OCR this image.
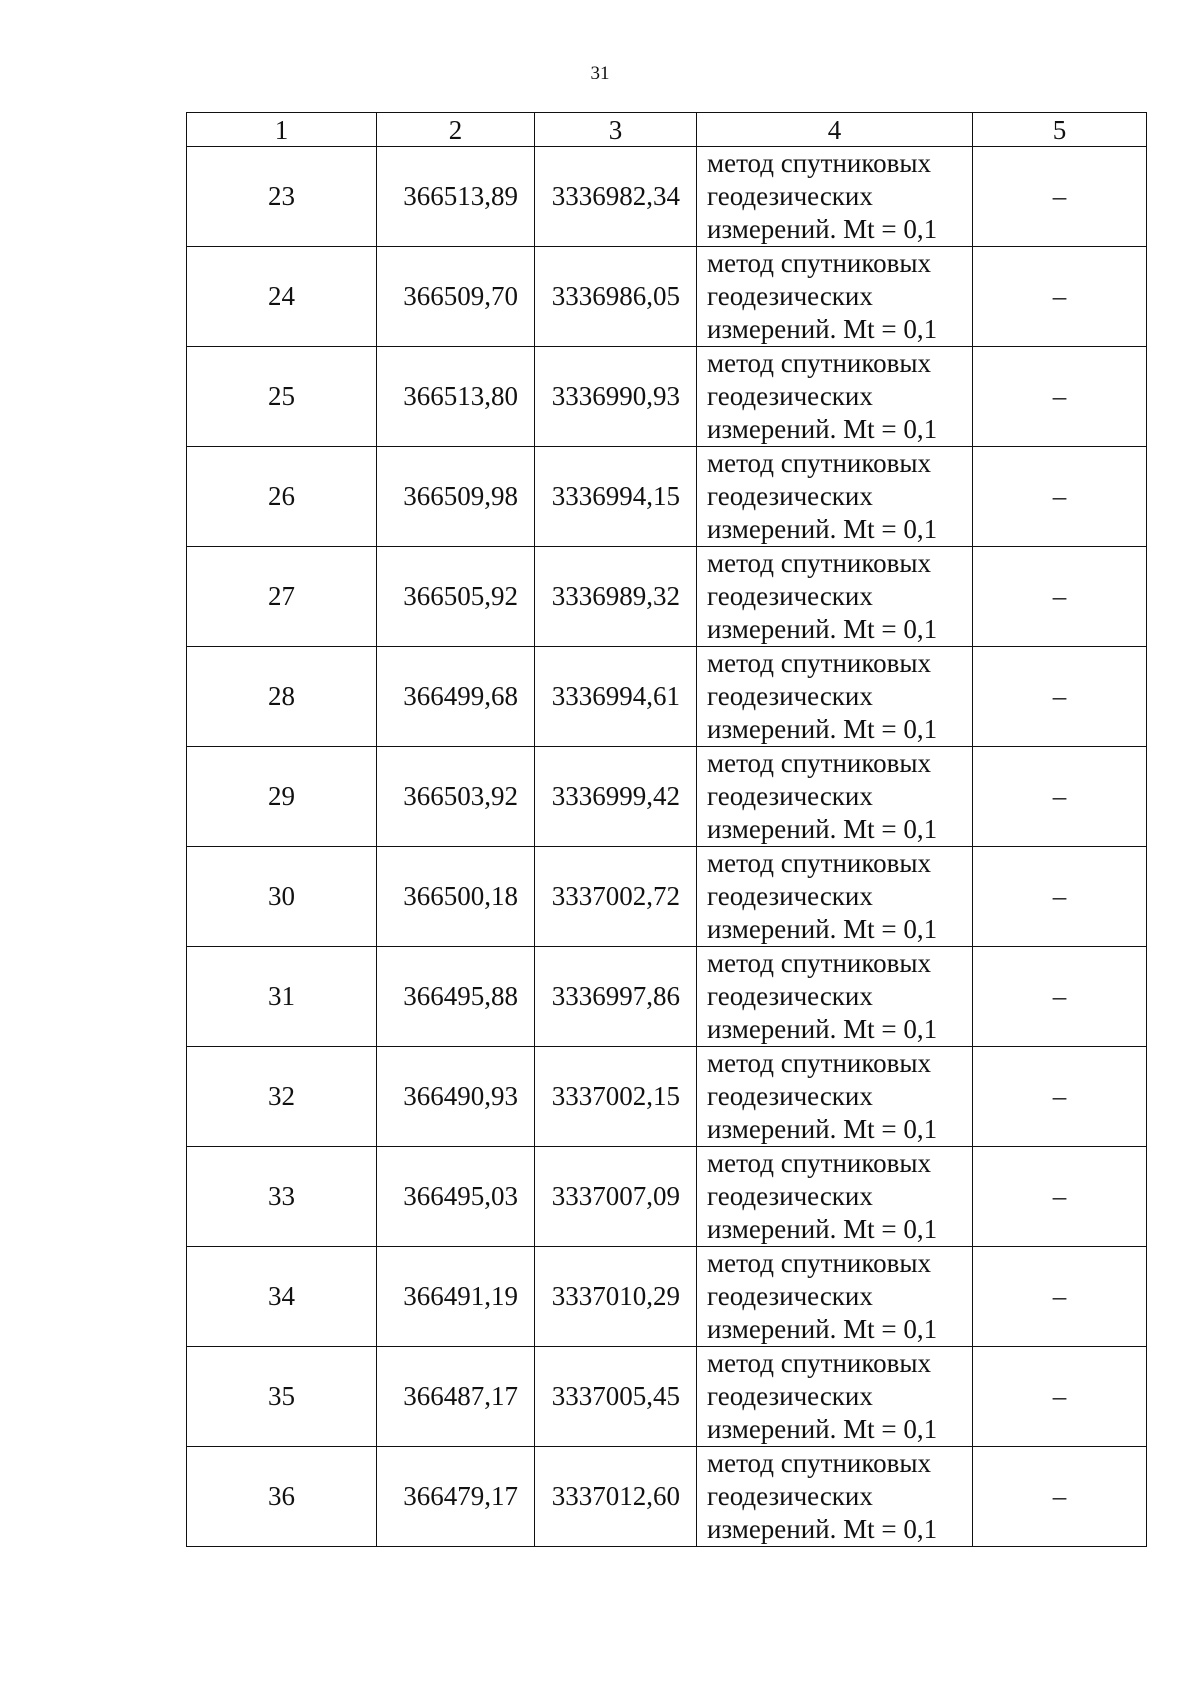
31
1	2	3	4	5
23	366513,89	3336982,34	метод спутниковых
геодезических
измерений. Mt = 0,1	–
24	366509,70	3336986,05	метод спутниковых
геодезических
измерений. Mt = 0,1	–
25	366513,80	3336990,93	метод спутниковых
геодезических
измерений. Mt = 0,1	–
26	366509,98	3336994,15	метод спутниковых
геодезических
измерений. Mt = 0,1	–
27	366505,92	3336989,32	метод спутниковых
геодезических
измерений. Mt = 0,1	–
28	366499,68	3336994,61	метод спутниковых
геодезических
измерений. Mt = 0,1	–
29	366503,92	3336999,42	метод спутниковых
геодезических
измерений. Mt = 0,1	–
30	366500,18	3337002,72	метод спутниковых
геодезических
измерений. Mt = 0,1	–
31	366495,88	3336997,86	метод спутниковых
геодезических
измерений. Mt = 0,1	–
32	366490,93	3337002,15	метод спутниковых
геодезических
измерений. Mt = 0,1	–
33	366495,03	3337007,09	метод спутниковых
геодезических
измерений. Mt = 0,1	–
34	366491,19	3337010,29	метод спутниковых
геодезических
измерений. Mt = 0,1	–
35	366487,17	3337005,45	метод спутниковых
геодезических
измерений. Mt = 0,1	–
36	366479,17	3337012,60	метод спутниковых
геодезических
измерений. Mt = 0,1	–
